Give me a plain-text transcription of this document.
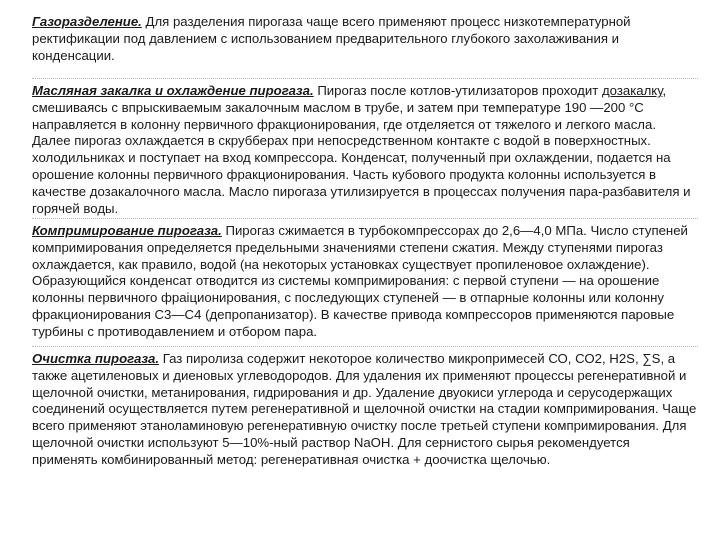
Газоразделение. Для разделения пирогаза чаще всего применяют процесс низкотемпературной ректификации под давлением с использованием предварительного глубокого захолаживания и конденсации.

Масляная закалка и охлаждение пирогаза. Пирогаз после котлов-утилизаторов проходит дозакалку, смешиваясь с впрыскиваемым закалочным маслом в трубе, и затем при температуре 190 —200 °C направляется в колонну первичного фракционирования, где отделяется от тяжелого и легкого масла. Далее пирогаз охлаждается в скрубберах при непосредственном контакте с водой в поверхностных. холодильниках и поступает на вход компрессора. Конденсат, полученный при охлаждении, подается на орошение колонны первичного фракционирования. Часть кубового продукта колонны используется в качестве дозакалочного масла. Масло пирогаза утилизируется в процессах получения пара-разбавителя и горячей воды.

Компримирование пирогаза. Пирогаз сжимается в турбокомпрессорах до 2,6—4,0 МПа. Число ступеней компримирования определяется предельными значениями степени сжатия. Между ступенями пирогаз охлаждается, как правило, водой (на некоторых установках существует пропиленовое охлаждение). Образующийся конденсат отводится из системы компримирования: с первой ступени — на орошение колонны первичного фраiционирования, с последующих ступеней — в отпарные колонны или колонну фракционирования С3—С4 (депропанизатор). В качестве привода компрессоров применяются паровые турбины с противодавлением и отбором пара.

Очистка пирогаза. Газ пиролиза содержит некоторое количество микропримесей СО, СО2, H2S, ∑S, а также ацетиленовых и диеновых углеводородов. Для удаления их применяют процессы регенеративной и щелочной очистки, метанирования, гидрирования и др. Удаление двуокиси углерода и серусодержащих соединений осуществляется путем регенеративной и щелочной очистки на стадии компримирования. Чаще всего применяют этаноламиновую регенеративную очистку после третьей ступени компримирования. Для щелочной очистки используют 5—10%-ный раствор NaOH. Для сернистого сырья рекомендуется применять комбинированный метод: регенеративная очистка + доочистка щелочью.
